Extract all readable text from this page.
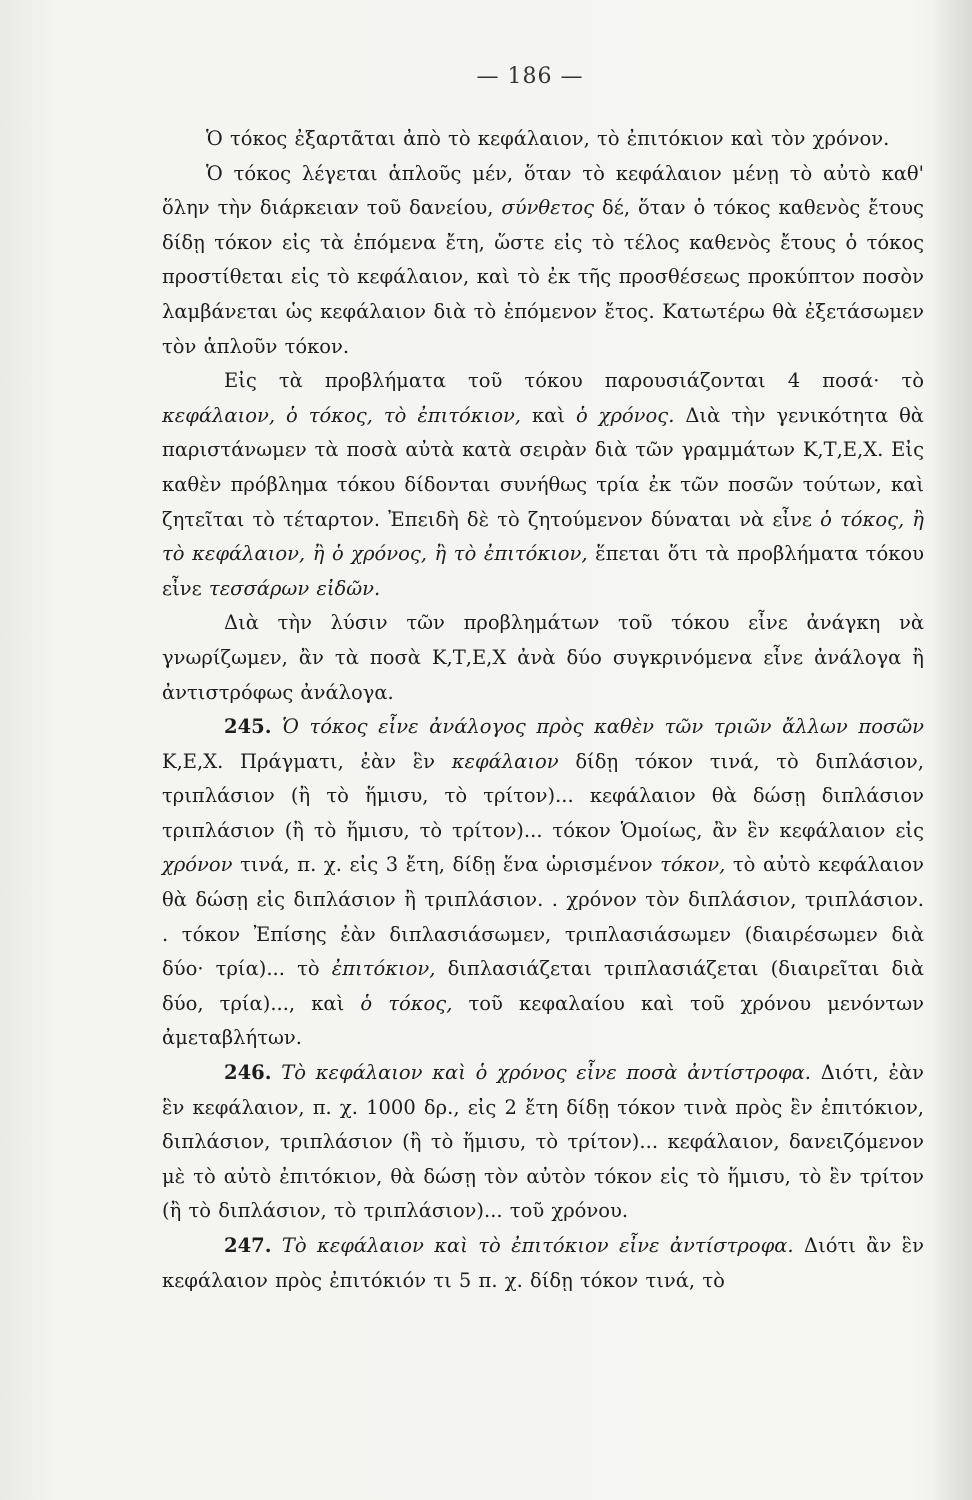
— 186 —

Ὁ τόκος ἐξαρτᾶται ἀπὸ τὸ κεφάλαιον, τὸ ἐπιτόκιον καὶ τὸν χρόνον.

Ὁ τόκος λέγεται ἁπλοῦς μέν, ὅταν τὸ κεφάλαιον μένῃ τὸ αὐτὸ καθ' ὅλην τὴν διάρκειαν τοῦ δανείου, σύνθετος δέ, ὅταν ὁ τόκος καθενὸς ἔτους δίδῃ τόκον εἰς τὰ ἑπόμενα ἔτη, ὥστε εἰς τὸ τέλος καθενὸς ἔτους ὁ τόκος προστίθεται εἰς τὸ κεφάλαιον, καὶ τὸ ἐκ τῆς προσθέσεως προκύπτον ποσὸν λαμβάνεται ὡς κεφάλαιον διὰ τὸ ἑπόμενον ἔτος. Κατωτέρω θὰ ἐξετάσωμεν τὸν ἁπλοῦν τόκον.

Εἰς τὰ προβλήματα τοῦ τόκου παρουσιάζονται 4 ποσά· τὸ κεφάλαιον, ὁ τόκος, τὸ ἐπιτόκιον, καὶ ὁ χρόνος. Διὰ τὴν γενικότητα θὰ παριστάνωμεν τὰ ποσὰ αὐτὰ κατὰ σειρὰν διὰ τῶν γραμμάτων Κ,Τ,Ε,Χ. Εἰς καθὲν πρόβλημα τόκου δίδονται συνήθως τρία ἐκ τῶν ποσῶν τούτων, καὶ ζητεῖται τὸ τέταρτον. Ἐπειδὴ δὲ τὸ ζητούμενον δύναται νὰ εἶνε ὁ τόκος, ἢ τὸ κεφάλαιον, ἢ ὁ χρόνος, ἢ τὸ ἐπιτόκιον, ἕπεται ὅτι τὰ προβλήματα τόκου εἶνε τεσσάρων εἰδῶν.

Διὰ τὴν λύσιν τῶν προβλημάτων τοῦ τόκου εἶνε ἀνάγκη νὰ γνωρίζωμεν, ἂν τὰ ποσὰ Κ,Τ,Ε,Χ ἀνὰ δύο συγκρινόμενα εἶνε ἀνάλογα ἢ ἀντιστρόφως ἀνάλογα.

245. Ὁ τόκος εἶνε ἀνάλογος πρὸς καθὲν τῶν τριῶν ἄλλων ποσῶν Κ,Ε,Χ. Πράγματι, ἐὰν ἓν κεφάλαιον δίδῃ τόκον τινά, τὸ διπλάσιον, τριπλάσιον (ἢ τὸ ἥμισυ, τὸ τρίτον)... κεφάλαιον θὰ δώσῃ διπλάσιον τριπλάσιον (ἢ τὸ ἥμισυ, τὸ τρίτον)... τόκον Ὁμοίως, ἂν ἓν κεφάλαιον εἰς χρόνον τινά, π. χ. εἰς 3 ἔτη, δίδῃ ἕνα ὡρισμένον τόκον, τὸ αὐτὸ κεφάλαιον θὰ δώσῃ εἰς διπλάσιον ἢ τριπλάσιον. . χρόνον τὸν διπλάσιον, τριπλάσιον. . τόκον Ἐπίσης ἐὰν διπλασιάσωμεν, τριπλασιάσωμεν (διαιρέσωμεν διὰ δύο· τρία)... τὸ ἐπιτόκιον, διπλασιάζεται τριπλασιάζεται (διαιρεῖται διὰ δύο, τρία)..., καὶ ὁ τόκος, τοῦ κεφαλαίου καὶ τοῦ χρόνου μενόντων ἀμεταβλήτων.

246. Τὸ κεφάλαιον καὶ ὁ χρόνος εἶνε ποσὰ ἀντίστροφα. Διότι, ἐὰν ἓν κεφάλαιον, π. χ. 1000 δρ., εἰς 2 ἔτη δίδῃ τόκον τινὰ πρὸς ἓν ἐπιτόκιον, διπλάσιον, τριπλάσιον (ἢ τὸ ἥμισυ, τὸ τρίτον)... κεφάλαιον, δανειζόμενον μὲ τὸ αὐτὸ ἐπιτόκιον, θὰ δώσῃ τὸν αὐτὸν τόκον εἰς τὸ ἥμισυ, τὸ ἓν τρίτον (ἢ τὸ διπλάσιον, τὸ τριπλάσιον)... τοῦ χρόνου.

247. Τὸ κεφάλαιον καὶ τὸ ἐπιτόκιον εἶνε ἀντίστροφα. Διότι ἂν ἓν κεφάλαιον πρὸς ἐπιτόκιόν τι 5 π. χ. δίδῃ τόκον τινά, τὸ
